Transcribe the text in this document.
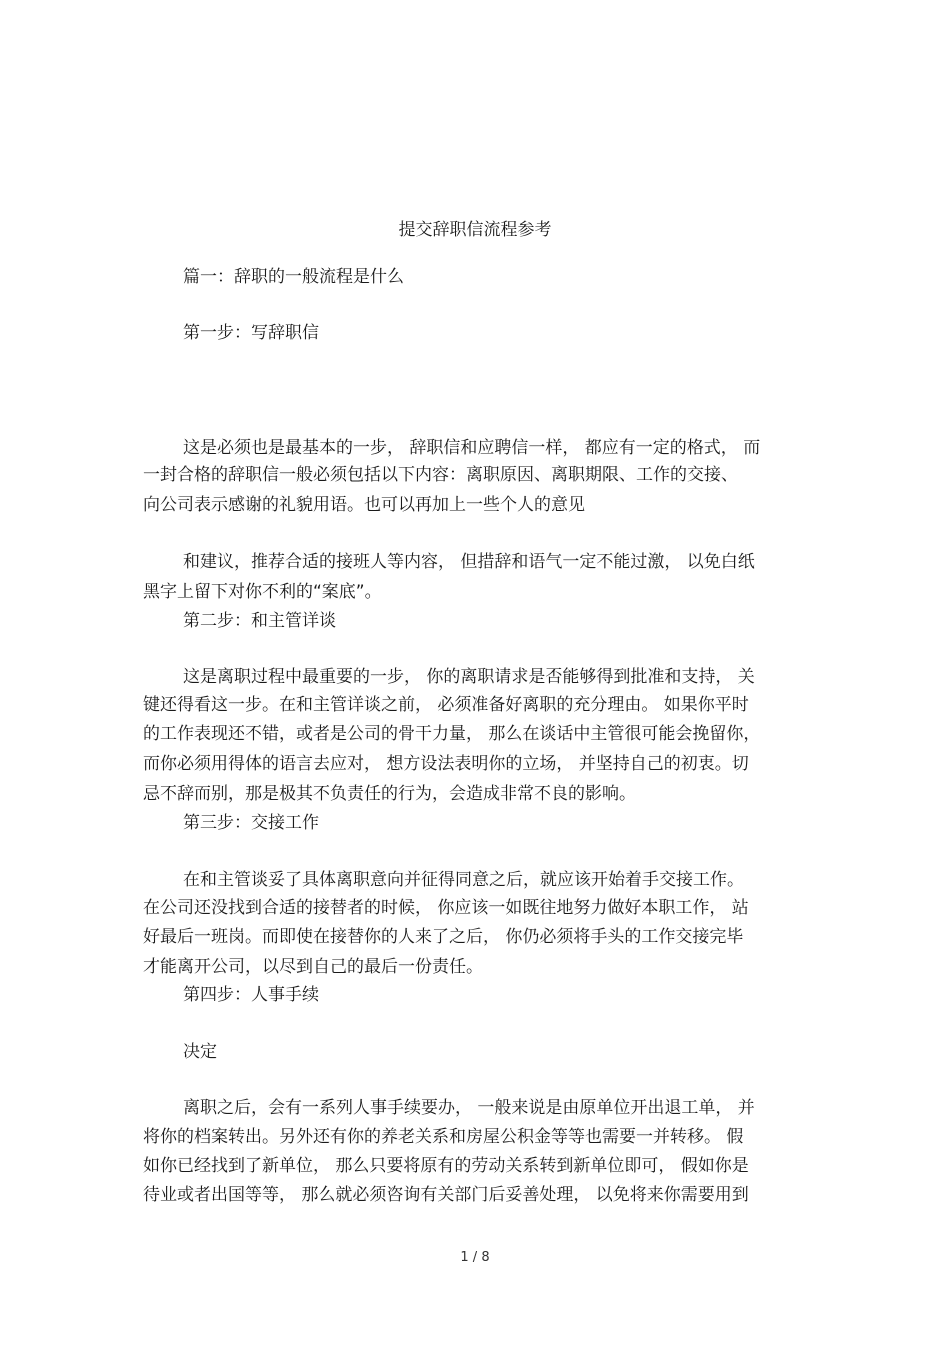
提交辞职信流程参考
篇一：辞职的一般流程是什么
第一步：写辞职信
这是必须也是最基本的一步， 辞职信和应聘信一样， 都应有一定的格式， 而
一封合格的辞职信一般必须包括以下内容：离职原因、离职期限、工作的交接、
向公司表示感谢的礼貌用语。也可以再加上一些个人的意见
和建议，推荐合适的接班人等内容， 但措辞和语气一定不能过激， 以免白纸
黑字上留下对你不利的“案底”。
第二步：和主管详谈
这是离职过程中最重要的一步， 你的离职请求是否能够得到批准和支持， 关
键还得看这一步。在和主管详谈之前， 必须准备好离职的充分理由。 如果你平时
的工作表现还不错，或者是公司的骨干力量， 那么在谈话中主管很可能会挽留你，
而你必须用得体的语言去应对， 想方设法表明你的立场， 并坚持自己的初衷。切
忌不辞而别，那是极其不负责任的行为，会造成非常不良的影响。
第三步：交接工作
在和主管谈妥了具体离职意向并征得同意之后，就应该开始着手交接工作。
在公司还没找到合适的接替者的时候， 你应该一如既往地努力做好本职工作， 站
好最后一班岗。而即使在接替你的人来了之后， 你仍必须将手头的工作交接完毕
才能离开公司，以尽到自己的最后一份责任。
第四步：人事手续
决定
离职之后，会有一系列人事手续要办， 一般来说是由原单位开出退工单， 并
将你的档案转出。另外还有你的养老关系和房屋公积金等等也需要一并转移。 假
如你已经找到了新单位， 那么只要将原有的劳动关系转到新单位即可， 假如你是
待业或者出国等等， 那么就必须咨询有关部门后妥善处理， 以免将来你需要用到
1 / 8
